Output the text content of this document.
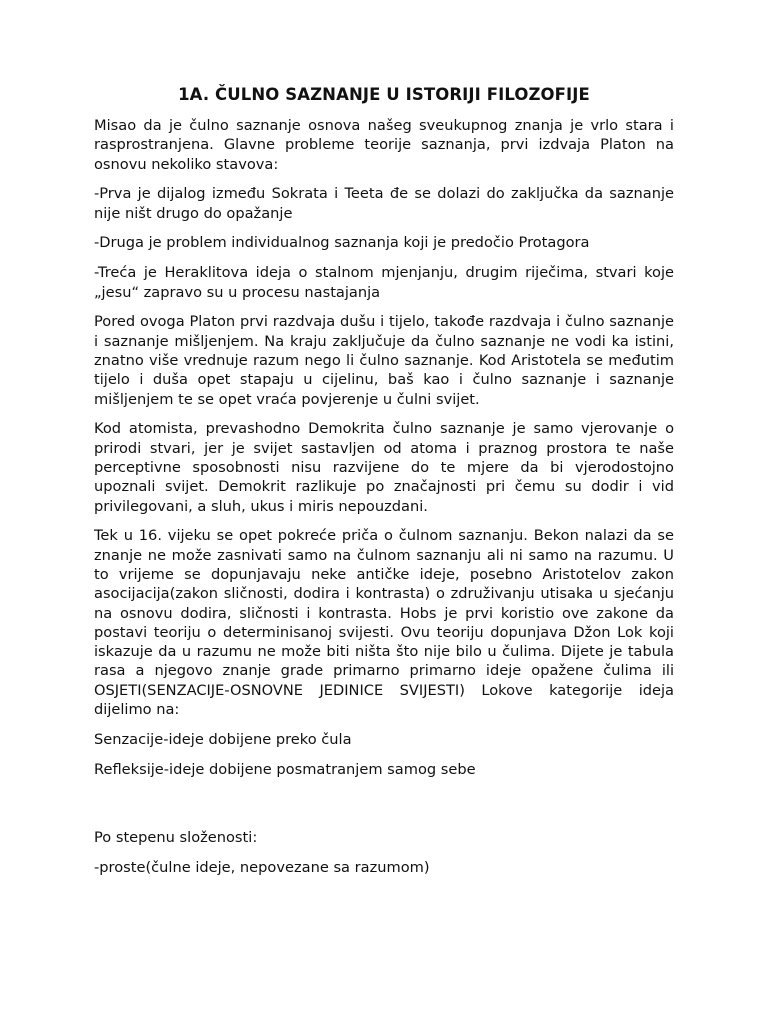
1A. ČULNO SAZNANJE U ISTORIJI FILOZOFIJE

Misao da je čulno saznanje osnova našeg sveukupnog znanja je vrlo stara i rasprostranjena. Glavne probleme teorije saznanja, prvi izdvaja Platon na osnovu nekoliko stavova:

-Prva je dijalog između Sokrata i Teeta đe se dolazi do zaključka da saznanje nije ništ drugo do opažanje

-Druga je problem individualnog saznanja koji je predočio Protagora

-Treća je Heraklitova ideja o stalnom mjenjanju, drugim riječima, stvari koje „jesu“ zapravo su u procesu nastajanja

Pored ovoga Platon prvi razdvaja dušu i tijelo, takođe razdvaja i čulno saznanje i saznanje mišljenjem. Na kraju zaključuje da čulno saznanje ne vodi ka istini, znatno više vrednuje razum nego li čulno saznanje. Kod Aristotela se međutim tijelo i duša opet stapaju u cijelinu, baš kao i čulno saznanje i saznanje mišljenjem te se opet vraća povjerenje u čulni svijet.

Kod atomista, prevashodno Demokrita čulno saznanje je samo vjerovanje o prirodi stvari, jer je svijet sastavljen od atoma i praznog prostora te naše perceptivne sposobnosti nisu razvijene do te mjere da bi vjerodostojno upoznali svijet. Demokrit razlikuje po značajnosti pri čemu su dodir i vid privilegovani, a sluh, ukus i miris nepouzdani.

Tek u 16. vijeku se opet pokreće priča o čulnom saznanju. Bekon nalazi da se znanje ne može zasnivati samo na čulnom saznanju ali ni samo na razumu. U to vrijeme se dopunjavaju neke antičke ideje, posebno Aristotelov zakon asocijacija(zakon sličnosti, dodira i kontrasta) o združivanju utisaka u sjećanju na osnovu dodira, sličnosti i kontrasta. Hobs je prvi koristio ove zakone da postavi teoriju o determinisanoj svijesti. Ovu teoriju dopunjava Džon Lok koji iskazuje da u razumu ne može biti ništa što nije bilo u čulima. Dijete je tabula rasa a njegovo znanje grade primarno primarno ideje opažene čulima ili OSJETI(SENZACIJE-OSNOVNE JEDINICE SVIJESTI) Lokove kategorije ideja dijelimo na:

Senzacije-ideje dobijene preko čula

Refleksije-ideje dobijene posmatranjem samog sebe

Po stepenu složenosti:

-proste(čulne ideje, nepovezane sa razumom)
